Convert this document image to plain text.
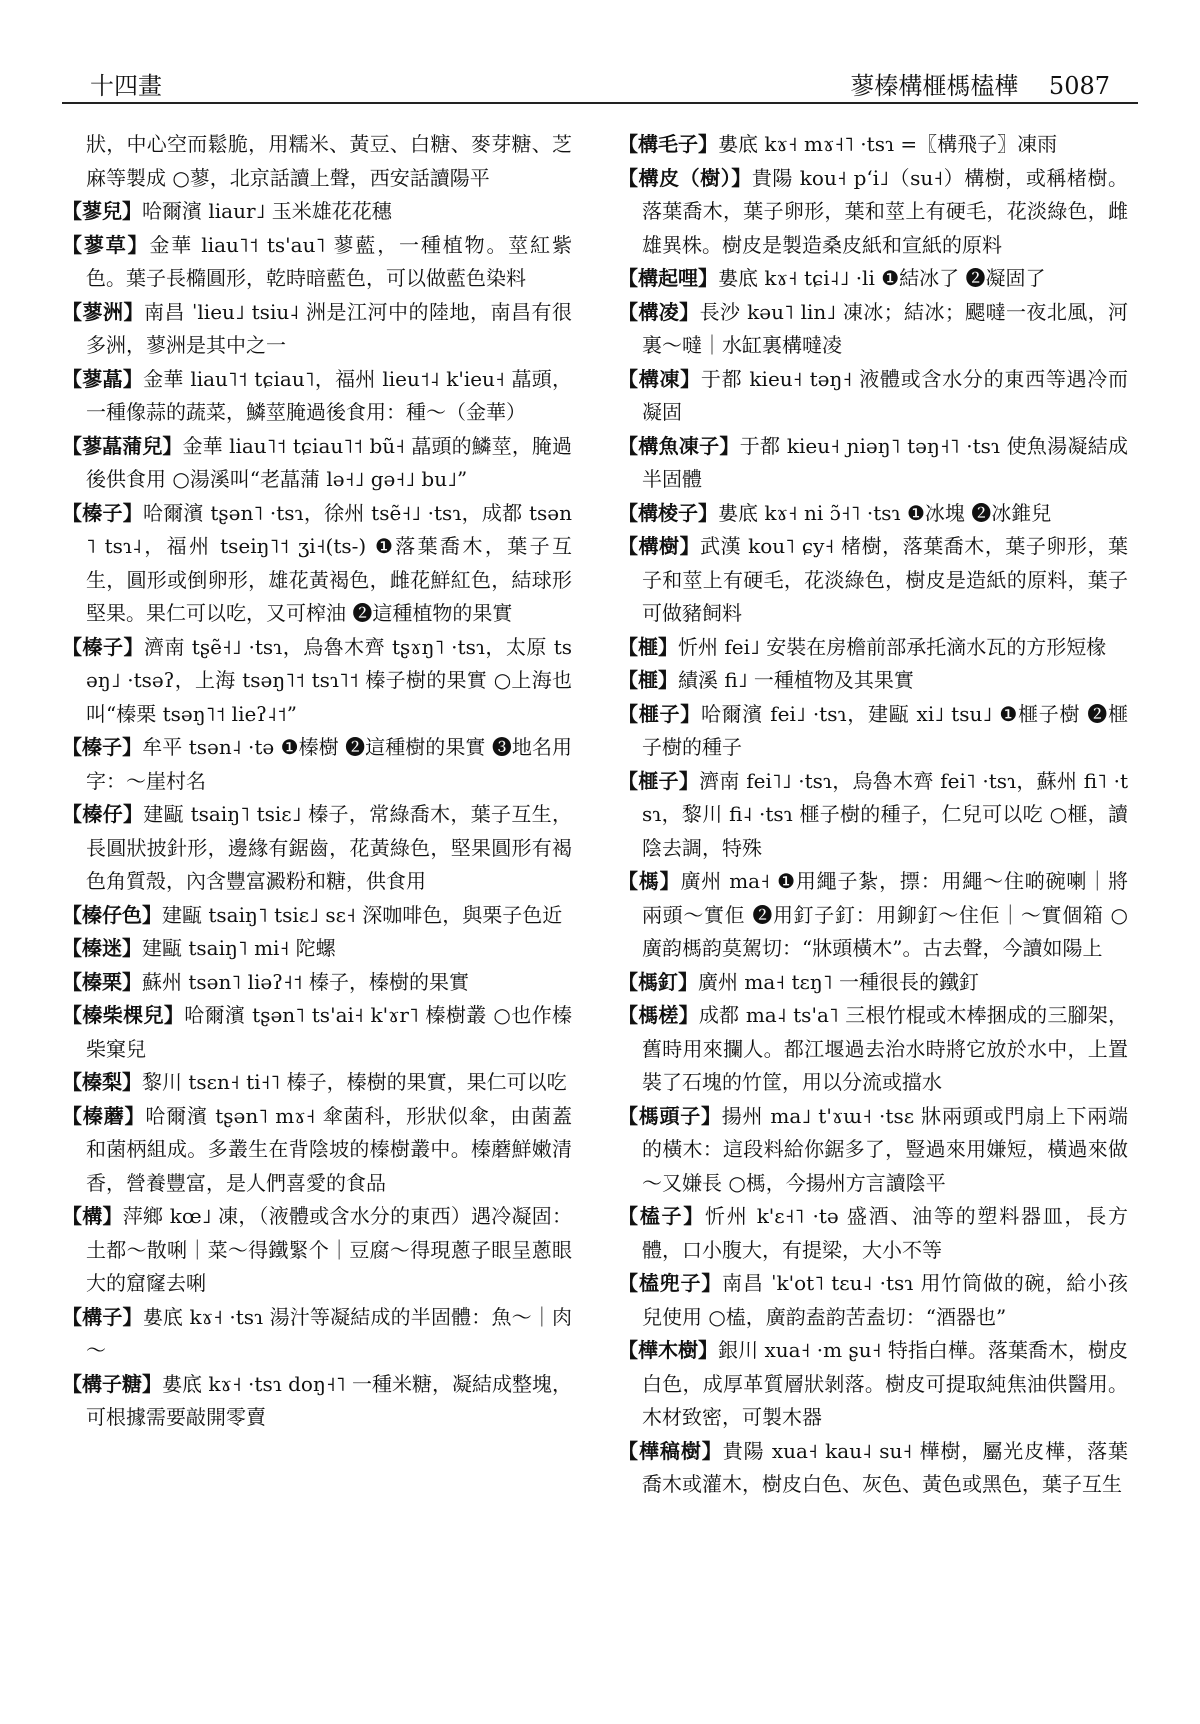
十四畫	蓼榛構榧榪榼樺 5087

狀，中心空而鬆脆，用糯米、黃豆、白糖、麥芽糖、芝麻等製成 ○蓼，北京話讀上聲，西安話讀陽平

【蓼兒】哈爾濱 liaur˩ 玉米雄花花穗

【蓼草】金華 liau˥˦ ts'au˥ 蓼藍，一種植物。莖紅紫色。葉子長橢圓形，乾時暗藍色，可以做藍色染料

【蓼洲】南昌 ˈlieu˩ tsiu˨ 洲是江河中的陸地，南昌有很多洲，蓼洲是其中之一

【蓼蕌】金華 liau˥˦ tɕiau˥，福州 lieu˦˨ k'ieu˧ 蕌頭，一種像蒜的蔬菜，鱗莖腌過後食用：種～（金華）

【蓼蕌蒲兒】金華 liau˥˦ tɕiau˥˦ bũ˧ 蕌頭的鱗莖，腌過後供食用 ○湯溪叫“老蕌蒲 lə˧˩ gə˧˩ bu˩”

【榛子】哈爾濱 tʂən˥ ·tsɿ，徐州 tsẽ˧˩ ·tsɿ，成都 tsən˥ tsɿ˨，福州 tseiŋ˥˦ ʒi˧(ts-) ❶落葉喬木，葉子互生，圓形或倒卵形，雄花黃褐色，雌花鮮紅色，結球形堅果。果仁可以吃，又可榨油 ❷這種植物的果實

【榛子】濟南 tʂẽ˧˩ ·tsɿ，烏魯木齊 tʂɤŋ˥ ·tsɿ，太原 tsəŋ˩ ·tsəʔ，上海 tsəŋ˥˦ tsɿ˥˦ 榛子樹的果實 ○上海也叫“榛栗 tsəŋ˥˦ lieʔ˨˦”

【榛子】牟平 tsən˨ ·tə ❶榛樹 ❷這種樹的果實 ❸地名用字：～崖村名

【榛仔】建甌 tsaiŋ˥ tsiɛ˩ 榛子，常綠喬木，葉子互生，長圓狀披針形，邊緣有鋸齒，花黃綠色，堅果圓形有褐色角質殼，內含豐富澱粉和糖，供食用

【榛仔色】建甌 tsaiŋ˥ tsiɛ˩ sɛ˧ 深咖啡色，與栗子色近

【榛迷】建甌 tsaiŋ˥ mi˧ 陀螺

【榛栗】蘇州 tsən˥ liəʔ˧˦ 榛子，榛樹的果實

【榛柴棵兒】哈爾濱 tʂən˥ ts'ai˧ k'ɤr˥ 榛樹叢 ○也作榛柴窠兒

【榛梨】黎川 tsɛn˧ ti˧˥ 榛子，榛樹的果實，果仁可以吃

【榛蘑】哈爾濱 tʂən˥ mɤ˧ 傘菌科，形狀似傘，由菌蓋和菌柄組成。多叢生在背陰坡的榛樹叢中。榛蘑鮮嫩清香，營養豐富，是人們喜愛的食品

【構】萍鄉 kœ˩ 凍，（液體或含水分的東西）遇冷凝固：土都～散唎｜菜～得鐵緊个｜豆腐～得現蔥子眼呈蔥眼大的窟窿去唎

【構子】婁底 kɤ˧ ·tsɿ 湯汁等凝結成的半固體：魚～｜肉～

【構子糖】婁底 kɤ˧ ·tsɿ doŋ˧˥ 一種米糖，凝結成整塊，可根據需要敲開零賣

【構毛子】婁底 kɤ˧ mɤ˧˥ ·tsɿ =〖構飛子〗凍雨

【構皮（樹）】貴陽 kou˧ pʻi˩（su˧）構樹，或稱楮樹。落葉喬木，葉子卵形，葉和莖上有硬毛，花淡綠色，雌雄異株。樹皮是製造桑皮紙和宣紙的原料

【構起哩】婁底 kɤ˧ tɕi˨˩ ·li ❶結冰了 ❷凝固了

【構凌】長沙 kəu˥ lin˩ 凍冰；結冰；颸噠一夜北風，河裏～噠｜水缸裏構噠凌

【構凍】于都 kieu˧ təŋ˧ 液體或含水分的東西等遇冷而凝固

【構魚凍子】于都 kieu˧ ɲiəŋ˥ təŋ˧˥ ·tsɿ 使魚湯凝結成半固體

【構棱子】婁底 kɤ˧ ni ɔ̃˧˥ ·tsɿ ❶冰塊 ❷冰錐兒

【構樹】武漢 kou˥ ɕy˧ 楮樹，落葉喬木，葉子卵形，葉子和莖上有硬毛，花淡綠色，樹皮是造紙的原料，葉子可做豬飼料

【榧】忻州 fei˩ 安裝在房檐前部承托滴水瓦的方形短椽

【榧】績溪 fi˩ 一種植物及其果實

【榧子】哈爾濱 fei˩ ·tsɿ，建甌 xi˩ tsu˩ ❶榧子樹 ❷榧子樹的種子

【榧子】濟南 fei˥˩ ·tsɿ，烏魯木齊 fei˥ ·tsɿ，蘇州 fi˥ ·tsɿ，黎川 fi˨ ·tsɿ 榧子樹的種子，仁兒可以吃 ○榧，讀陰去調，特殊

【榪】廣州 ma˧ ❶用繩子紮，摽：用繩～住啲碗喇｜將兩頭～實佢 ❷用釘子釘：用鉚釘～住佢｜～實個箱 ○廣韵榪韵莫駕切：“牀頭橫木”。古去聲，今讀如陽上

【榪釘】廣州 ma˧ tɛŋ˥ 一種很長的鐵釘

【榪槎】成都 ma˨ ts'a˥ 三根竹棍或木棒捆成的三腳架，舊時用來攔人。都江堰過去治水時將它放於水中，上置裝了石塊的竹筐，用以分流或擋水

【榪頭子】揚州 ma˩ t'ɤɯ˧ ·tsɛ 牀兩頭或門扇上下兩端的橫木：這段料給你鋸多了，豎過來用嫌短，橫過來做～又嫌長 ○榪，今揚州方言讀陰平

【榼子】忻州 k'ɛ˧˥ ·tə 盛酒、油等的塑料器皿，長方體，口小腹大，有提梁，大小不等

【榼兜子】南昌 ˈk'ot˥ tɛu˨ ·tsɿ 用竹筒做的碗，給小孩兒使用 ○榼，廣韵盍韵苦盍切：“酒器也”

【樺木樹】銀川 xua˧ ·m ʂu˧ 特指白樺。落葉喬木，樹皮白色，成厚革質層狀剝落。樹皮可提取純焦油供醫用。木材致密，可製木器

【樺稿樹】貴陽 xua˧ kau˨ su˧ 樺樹，屬光皮樺，落葉喬木或灌木，樹皮白色、灰色、黃色或黑色，葉子互生
